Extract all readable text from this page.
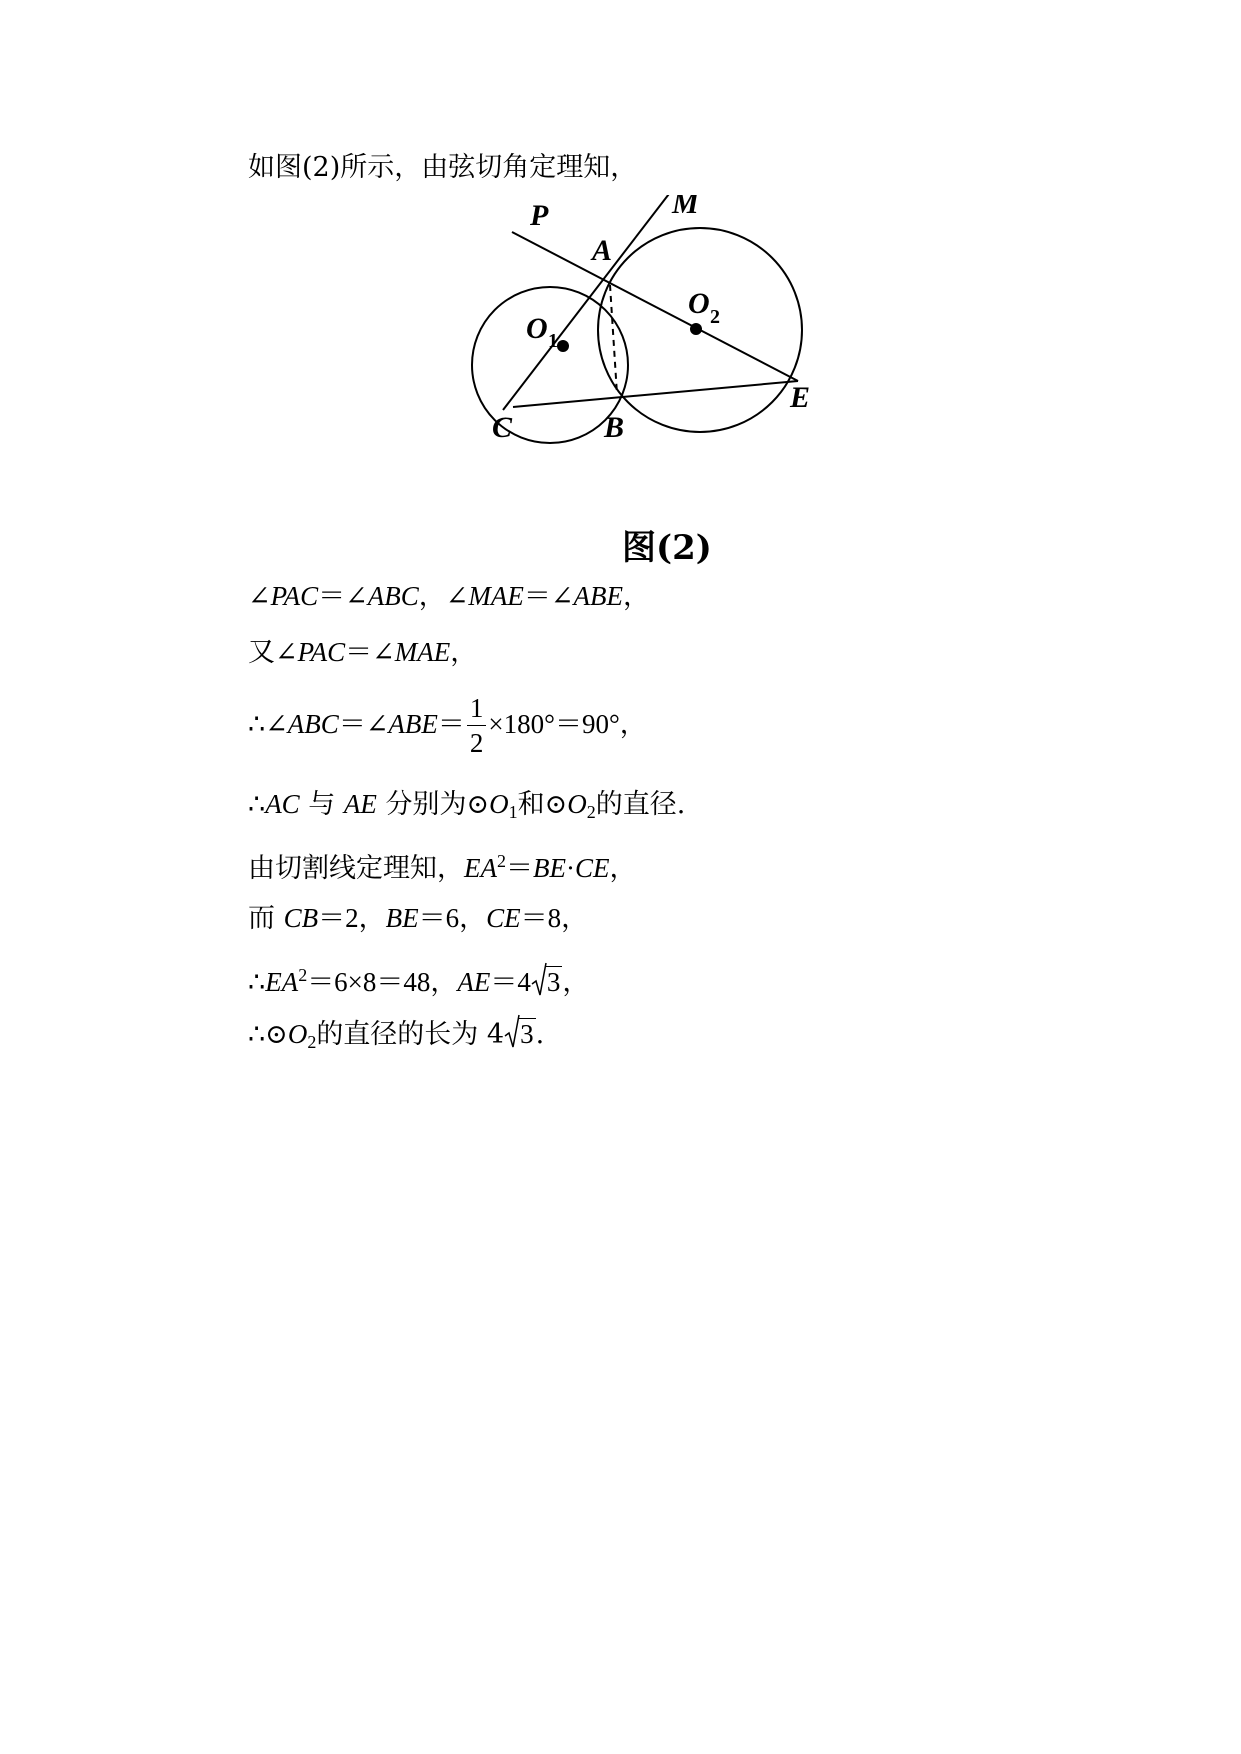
如图(2)所示，由弦切角定理知，
P	M
A
O 1
O 2
C	B
E
图(2)
∠PAC＝∠ABC，∠MAE＝∠ABE，
又∠PAC＝∠MAE，
∴∠ABC＝∠ABE＝ $\frac{1}{2} \times 180^\circ=90^\circ$，
∴AC 与 AE 分别为$⊙O_1$和$⊙O_2$的直径.
由切割线定理知，$EA^2=BE\cdot CE$，
而 CB＝2，BE＝6，CE＝8，
$\therefore EA^2=6\times 8=48$，AE＝4 3，
$\therefore⊙O_2$的直径的长为 4 3.
